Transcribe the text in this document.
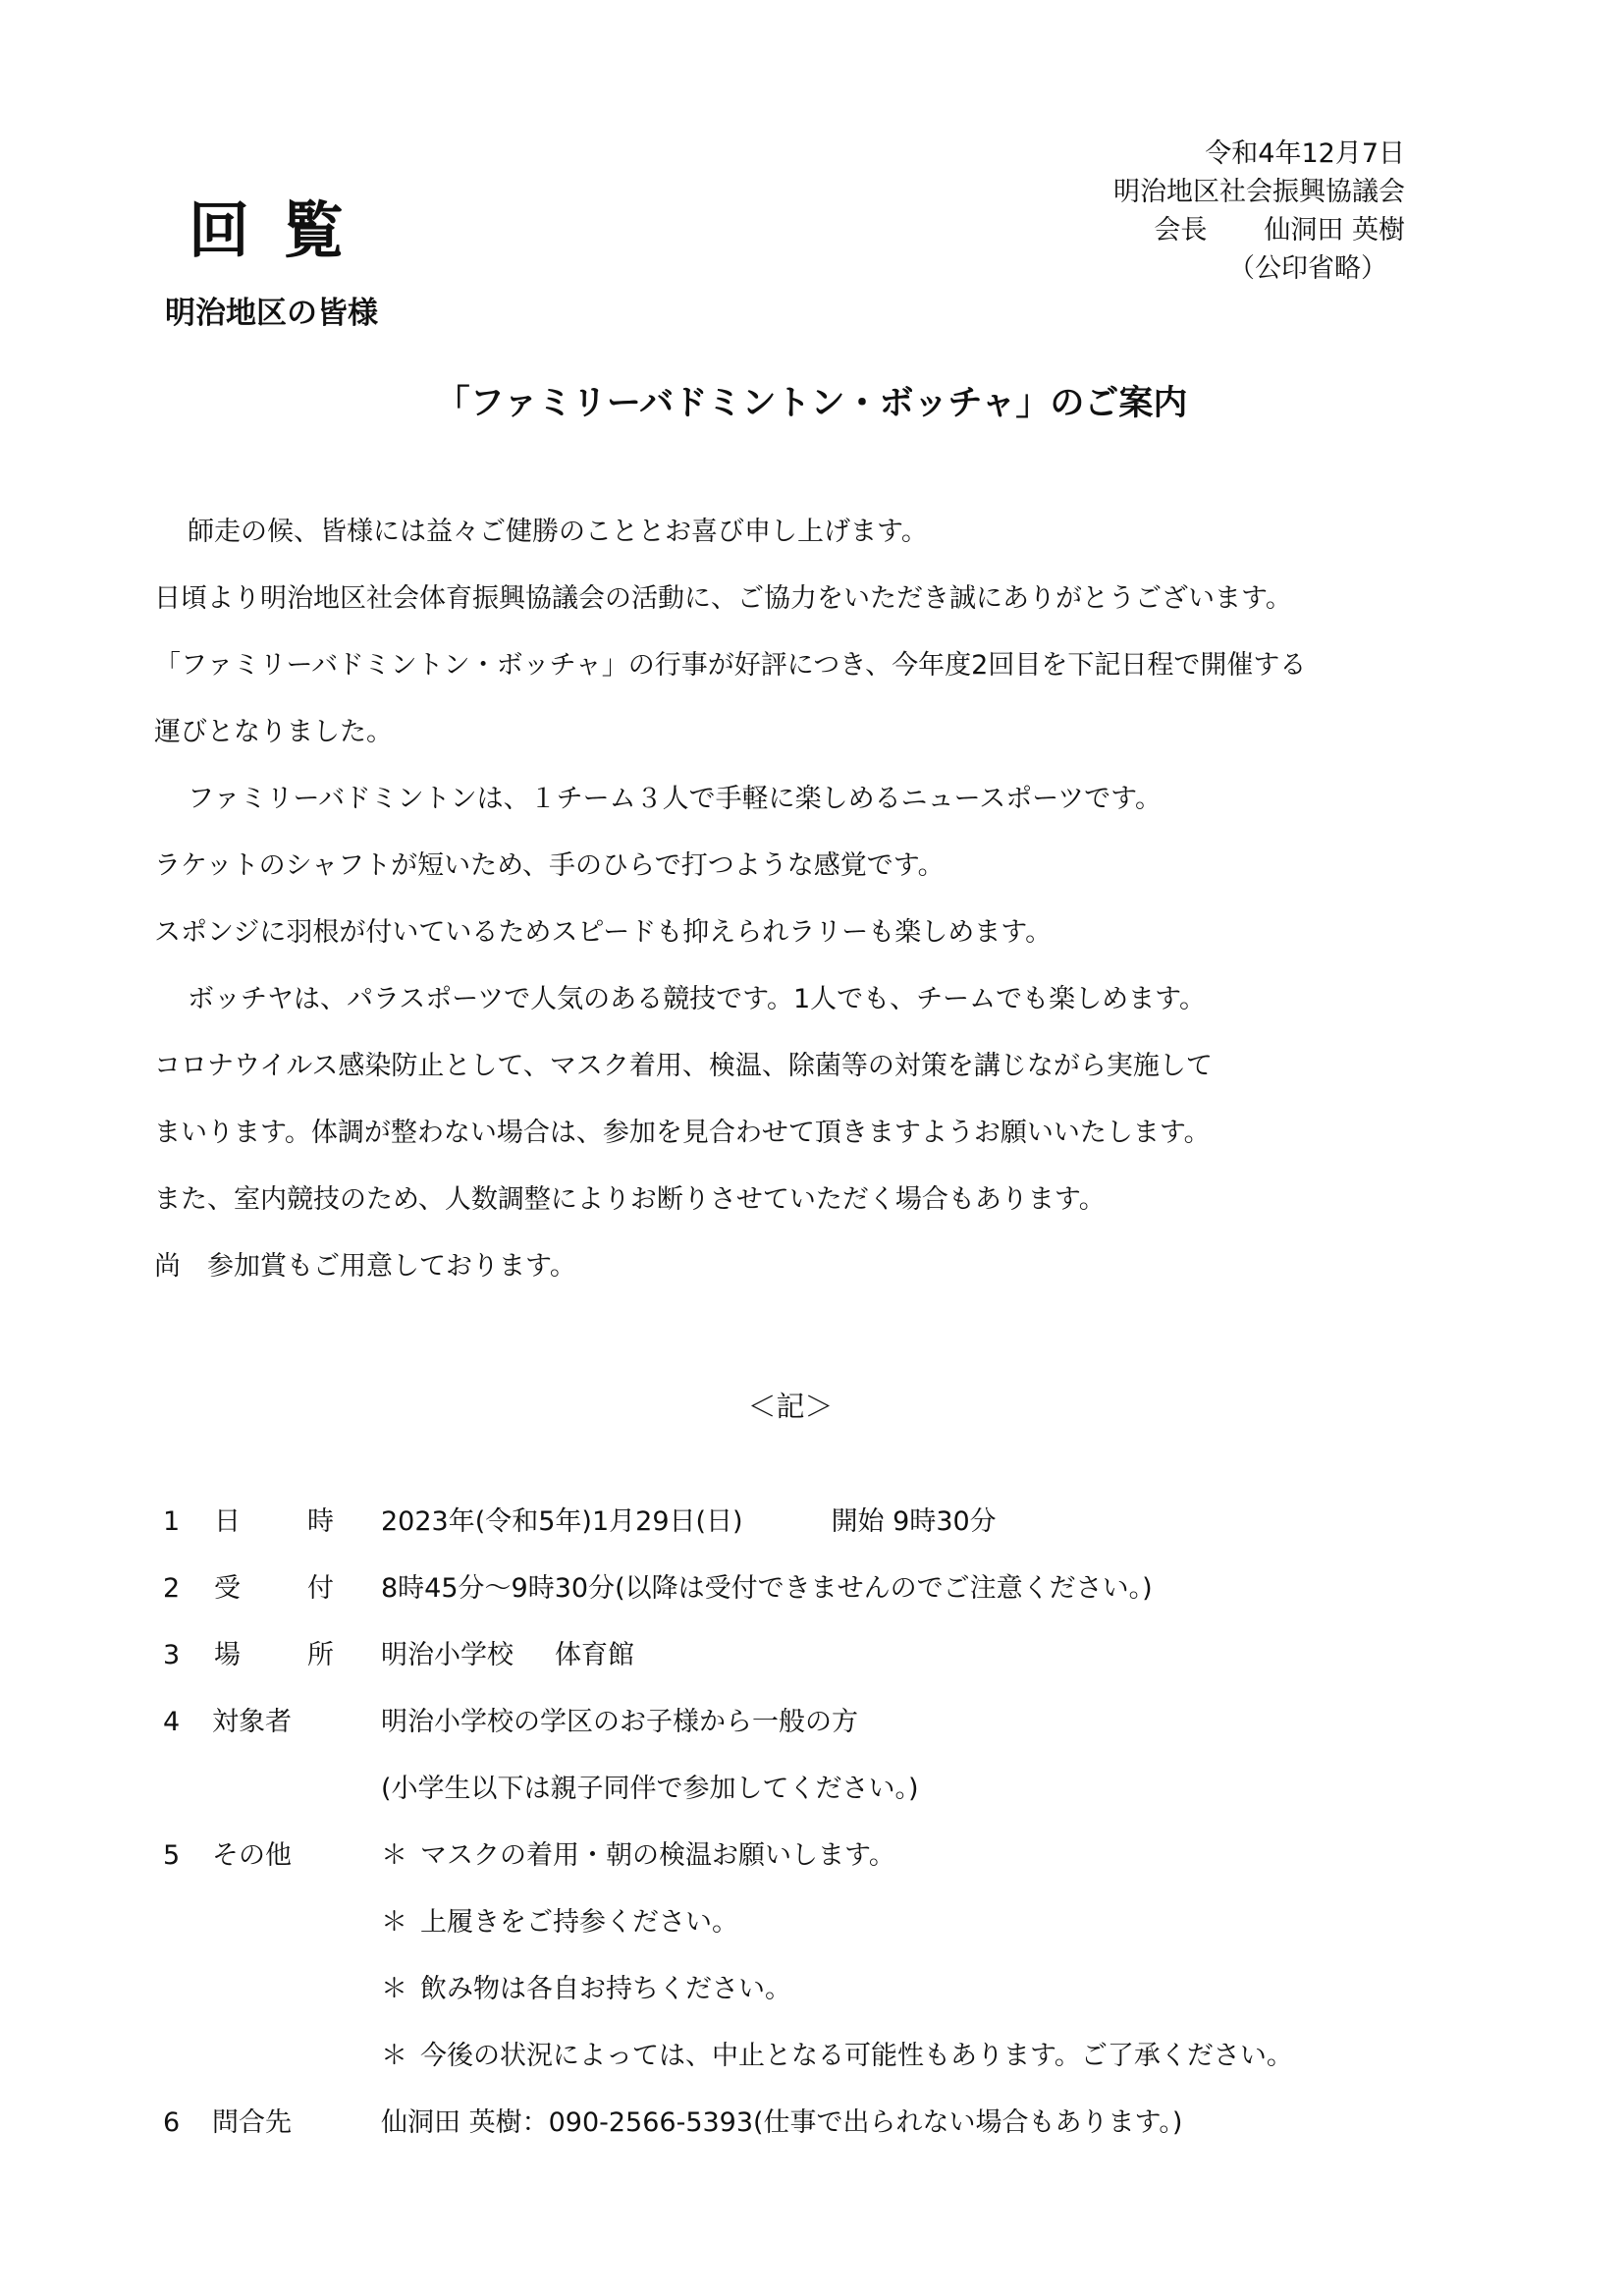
回覧
令和4年12月7日
明治地区社会振興協議会
会長 仙洞田 英樹
（公印省略）
明治地区の皆様
「ファミリーバドミントン・ボッチャ」のご案内

師走の候、皆様には益々ご健勝のこととお喜び申し上げます。

日頃より明治地区社会体育振興協議会の活動に、ご協力をいただき誠にありがとうございます。

「ファミリーバドミントン・ボッチャ」の行事が好評につき、今年度2回目を下記日程で開催する

運びとなりました。

ファミリーバドミントンは、１チーム３人で手軽に楽しめるニュースポーツです。

ラケットのシャフトが短いため、手のひらで打つような感覚です。

スポンジに羽根が付いているためスピードも抑えられラリーも楽しめます。

ボッチヤは、パラスポーツで人気のある競技です。1人でも、チームでも楽しめます。

コロナウイルス感染防止として、マスク着用、検温、除菌等の対策を講じながら実施して

まいります。体調が整わない場合は、参加を見合わせて頂きますようお願いいたします。

また、室内競技のため、人数調整によりお断りさせていただく場合もあります。

尚　参加賞もご用意しております。

＜記＞
1 日	時 2023年(令和5年)1月29日(日)	開始 9時30分
2 受	付 8時45分～9時30分(以降は受付できませんのでご注意ください。)
3 場	所 明治小学校 体育館
4 対象者	明治小学校の学区のお子様から一般の方
(小学生以下は親子同伴で参加してください。)
5 その他	＊ マスクの着用・朝の検温お願いします。
＊ 上履きをご持参ください。
＊ 飲み物は各自お持ちください。
＊ 今後の状況によっては、中止となる可能性もあります。ご了承ください。
6 問合先	仙洞田 英樹：090-2566-5393(仕事で出られない場合もあります。)
